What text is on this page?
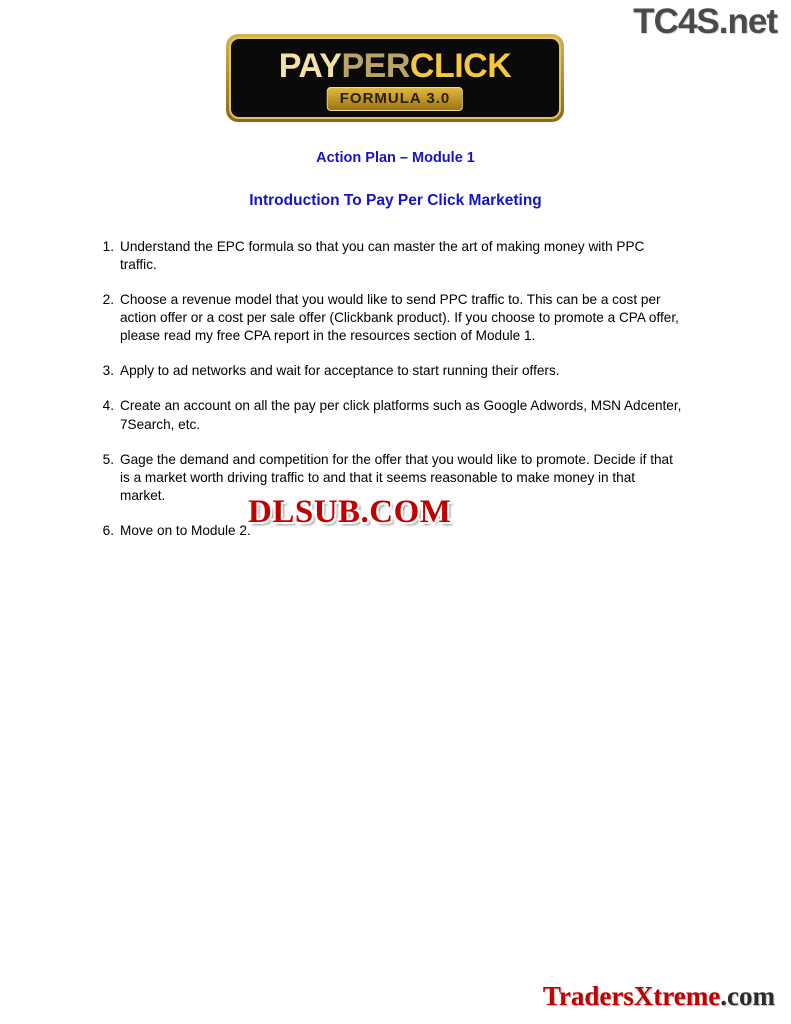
TC4S.net
PAYPERCLICK
FORMULA 3.0
Action Plan – Module 1
Introduction To Pay Per Click Marketing
1. Understand the EPC formula so that you can master the art of making money with PPC traffic.
2. Choose a revenue model that you would like to send PPC traffic to. This can be a cost per action offer or a cost per sale offer (Clickbank product). If you choose to promote a CPA offer, please read my free CPA report in the resources section of Module 1.
3. Apply to ad networks and wait for acceptance to start running their offers.
4. Create an account on all the pay per click platforms such as Google Adwords, MSN Adcenter, 7Search, etc.
5. Gage the demand and competition for the offer that you would like to promote. Decide if that is a market worth driving traffic to and that it seems reasonable to make money in that market.
6. Move on to Module 2.
DLSUB.COM
TradersXtreme.com
